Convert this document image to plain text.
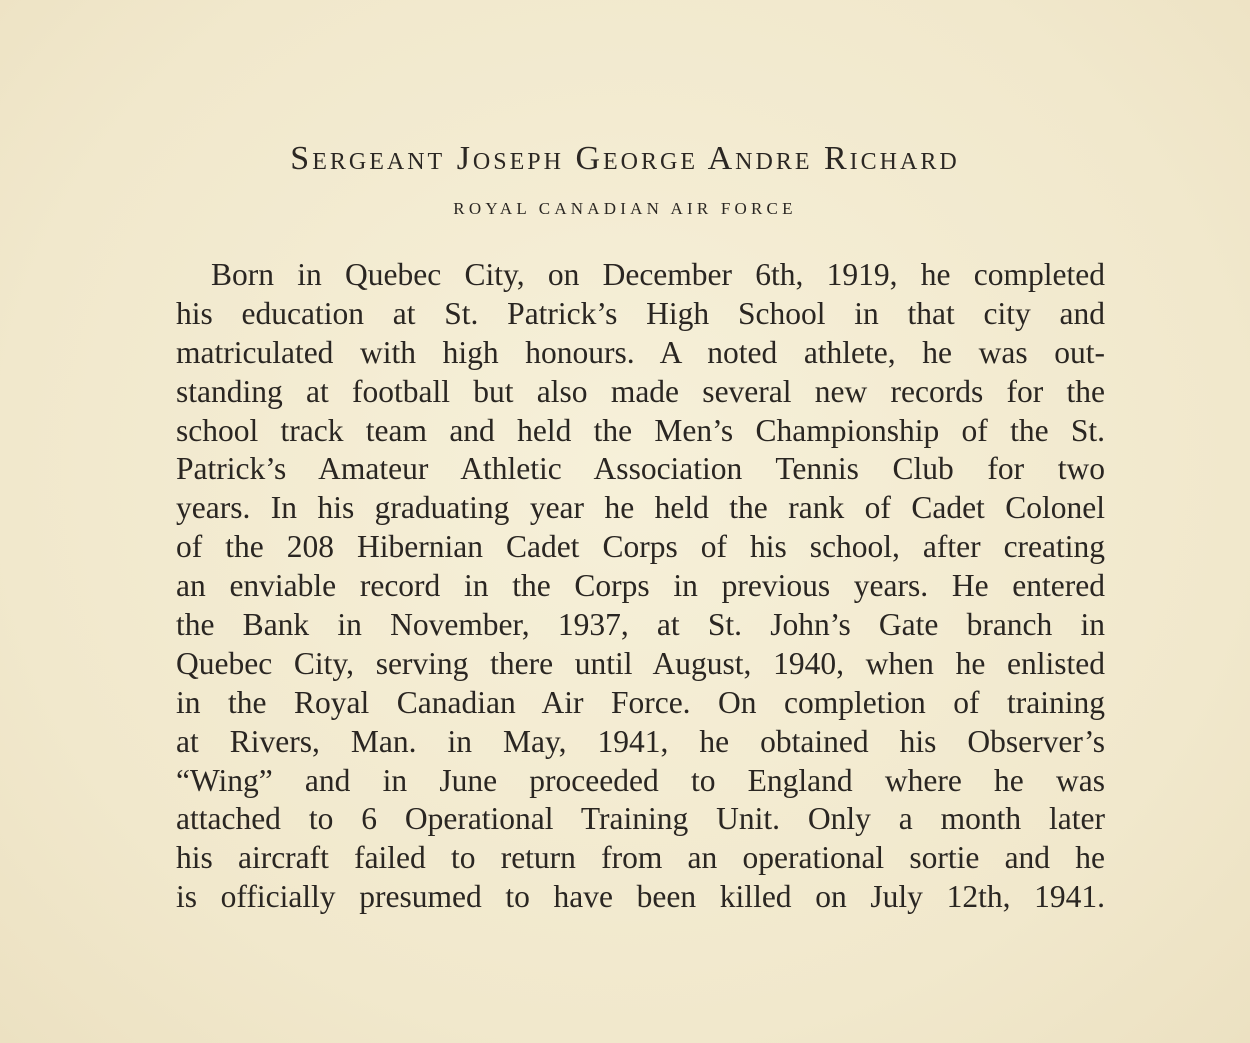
Sergeant Joseph George Andre Richard
ROYAL CANADIAN AIR FORCE
Born in Quebec City, on December 6th, 1919, he completed
his education at St. Patrick’s High School in that city and
matriculated with high honours. A noted athlete, he was out-
standing at football but also made several new records for the
school track team and held the Men’s Championship of the St.
Patrick’s Amateur Athletic Association Tennis Club for two
years. In his graduating year he held the rank of Cadet Colonel
of the 208 Hibernian Cadet Corps of his school, after creating
an enviable record in the Corps in previous years. He entered
the Bank in November, 1937, at St. John’s Gate branch in
Quebec City, serving there until August, 1940, when he enlisted
in the Royal Canadian Air Force. On completion of training
at Rivers, Man. in May, 1941, he obtained his Observer’s
“Wing” and in June proceeded to England where he was
attached to 6 Operational Training Unit. Only a month later
his aircraft failed to return from an operational sortie and he
is officially presumed to have been killed on July 12th, 1941.
